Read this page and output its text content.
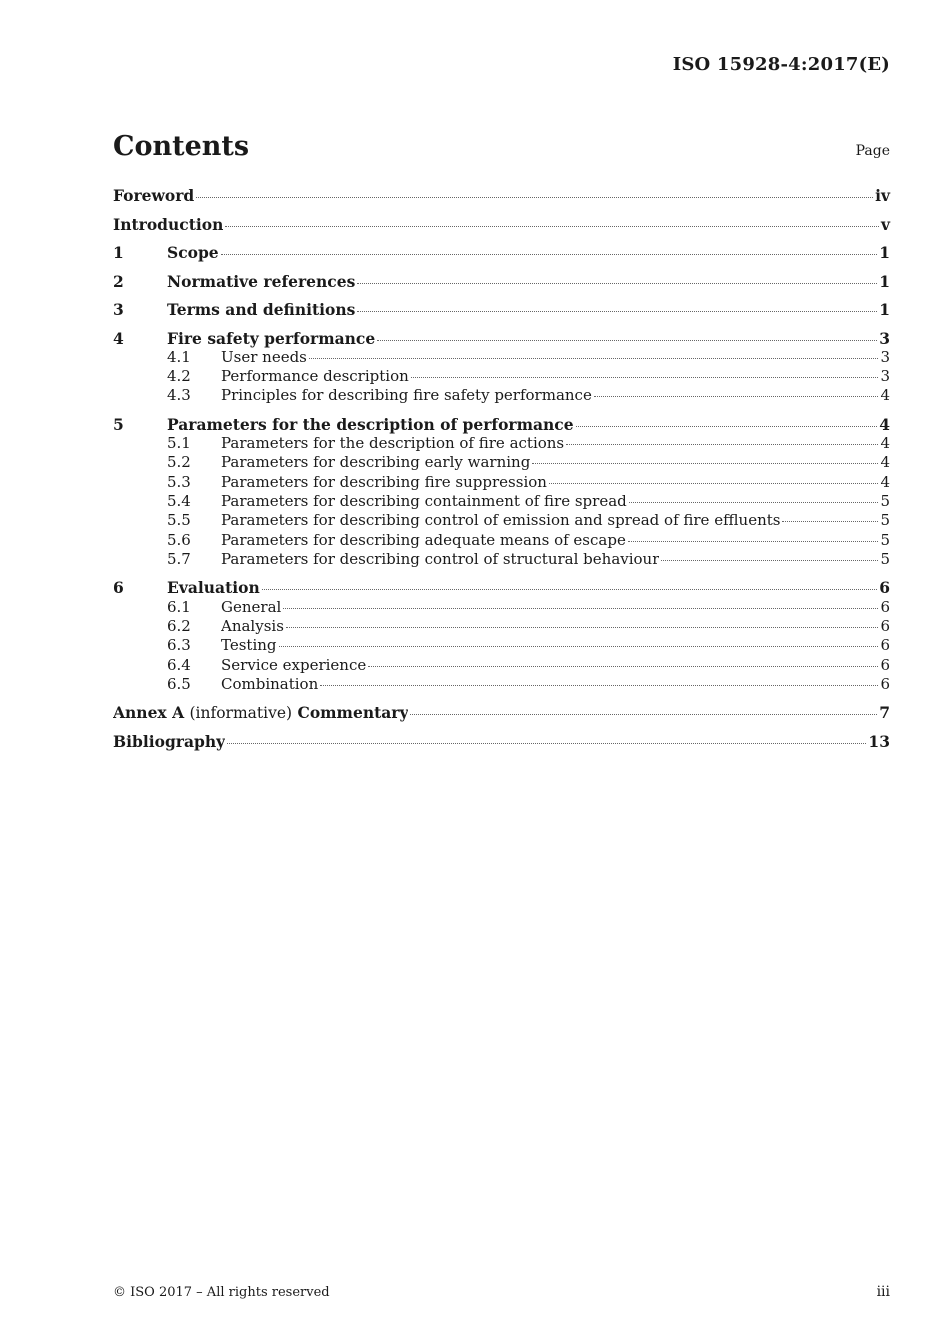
ISO 15928-4:2017(E)
Contents	Page
Foreword	iv
Introduction	v
1	Scope	1
2	Normative references	1
3	Terms and definitions	1
4	Fire safety performance	3
4.1	User needs	3
4.2	Performance description	3
4.3	Principles for describing fire safety performance	4
5	Parameters for the description of performance	4
5.1	Parameters for the description of fire actions	4
5.2	Parameters for describing early warning	4
5.3	Parameters for describing fire suppression	4
5.4	Parameters for describing containment of fire spread	5
5.5	Parameters for describing control of emission and spread of fire effluents	5
5.6	Parameters for describing adequate means of escape	5
5.7	Parameters for describing control of structural behaviour	5
6	Evaluation	6
6.1	General	6
6.2	Analysis	6
6.3	Testing	6
6.4	Service experience	6
6.5	Combination	6
Annex A (informative) Commentary	7
Bibliography	13
© ISO 2017 – All rights reserved	iii
